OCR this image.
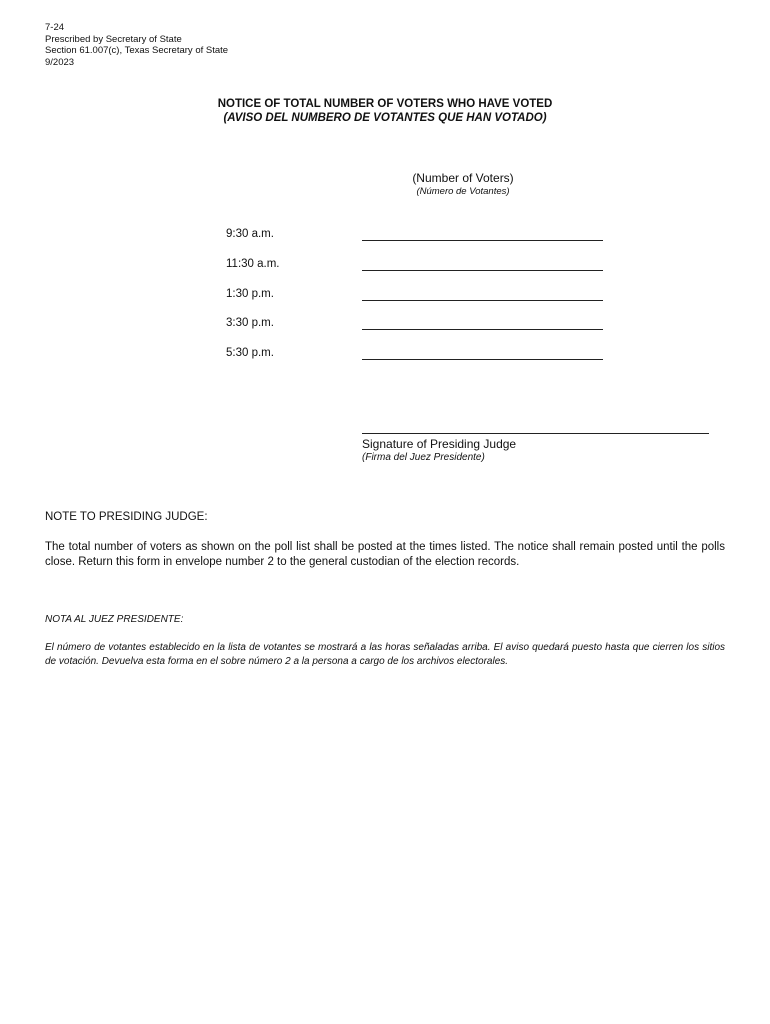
7-24
Prescribed by Secretary of State
Section 61.007(c), Texas Secretary of State
9/2023
NOTICE OF TOTAL NUMBER OF VOTERS WHO HAVE VOTED
(AVISO DEL NUMBERO DE VOTANTES QUE HAN VOTADO)
(Number of Voters)
(Número de Votantes)
9:30 a.m.
11:30 a.m.
1:30 p.m.
3:30 p.m.
5:30 p.m.
Signature of Presiding Judge
(Firma del Juez Presidente)
NOTE TO PRESIDING JUDGE:
The total number of voters as shown on the poll list shall be posted at the times listed. The notice shall remain posted until the polls close. Return this form in envelope number 2 to the general custodian of the election records.
NOTA AL JUEZ PRESIDENTE:
El número de votantes establecido en la lista de votantes se mostrará a las horas señaladas arriba. El aviso quedará puesto hasta que cierren los sitios de votación. Devuelva esta forma en el sobre número 2 a la persona a cargo de los archivos electorales.
